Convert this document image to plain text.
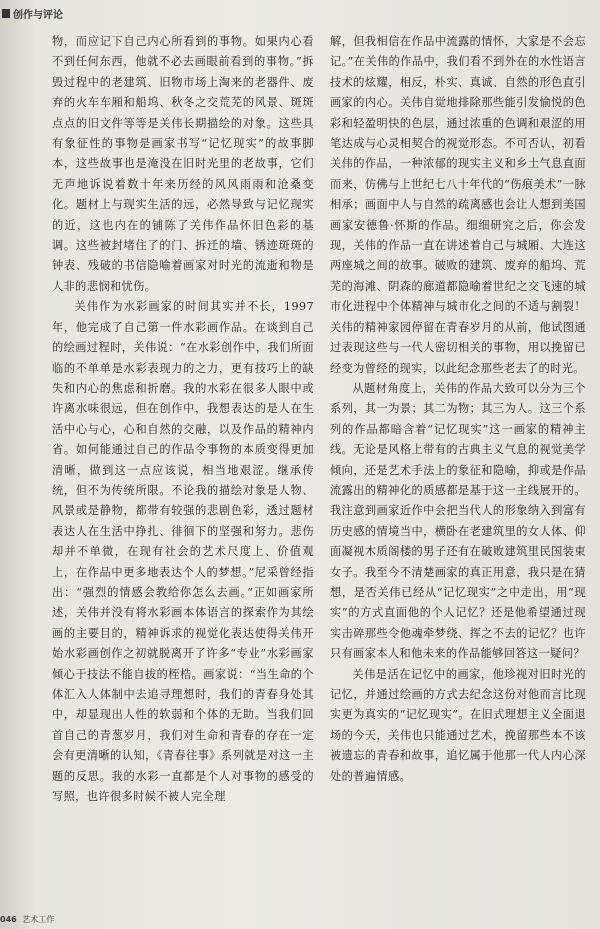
创作与评论

物，而应记下自己内心所看到的事物。如果内心看不到任何东西，他就不必去画眼前看到的事物。”拆毁过程中的老建筑、旧物市场上淘来的老器件、废弃的火车车厢和船坞、秋冬之交荒芜的风景、斑斑点点的旧文件等等是关伟长期描绘的对象。这些具有象征性的事物是画家书写“记忆现实”的故事脚本，这些故事也是淹没在旧时光里的老故事，它们无声地诉说着数十年来历经的风风雨雨和沧桑变化。题材上与现实生活的远，必然导致与记忆现实的近，这也内在的铺陈了关伟作品怀旧色彩的基调。这些被封堵住了的门、拆迁的墙、锈迹斑斑的钟表、残破的书信隐喻着画家对时光的流逝和物是人非的悲悯和忧伤。

关伟作为水彩画家的时间其实并不长，1997年，他完成了自己第一件水彩画作品。在谈到自己的绘画过程时，关伟说：“在水彩创作中，我们所面临的不单单是水彩表现力的之力，更有技巧上的缺失和内心的焦虑和折磨。我的水彩在很多人眼中或许离水味很远，但在创作中，我想表达的是人在生活中心与心，心和自然的交融，以及作品的精神内省。如何能通过自己的作品令事物的本质变得更加清晰，做到这一点应该说，相当地艰涩。继承传统，但不为传统所限。不论我的描绘对象是人物、风景或是静物，都带有较强的悲剧色彩，透过题材表达人在生活中挣扎、徘徊下的坚强和努力。悲伤却并不单微，在现有社会的艺术尺度上、价值观上，在作品中更多地表达个人的梦想。”尼采曾经指出：“强烈的情感会教给你怎么去画。”正如画家所述，关伟并没有将水彩画本体语言的探索作为其绘画的主要目的，精神诉求的视觉化表达使得关伟开始水彩画创作之初就脱离开了许多“专业”水彩画家倾心于技法不能自拔的桎梏。画家说：“当生命的个体汇入人体制中去追寻理想时，我们的青春身处其中，却显现出人性的软弱和个体的无助。当我们回首自己的青葱岁月，我们对生命和青春的存在一定会有更清晰的认知，《青春往事》系列就是对这一主题的反思。我的水彩一直都是个人对事物的感受的写照，也许很多时候不被人完全理

解，但我相信在作品中流露的情怀，大家是不会忘记。”在关伟的作品中，我们看不到外在的水性语言技术的炫耀，相反，朴实、真诚、自然的形色直引画家的内心。关伟自觉地排除那些能引发愉悦的色彩和轻盈明快的色层，通过浓重的色调和艰涩的用笔达成与心灵相契合的视觉形态。不可否认，初看关伟的作品，一种浓郁的现实主义和乡土气息直面而来，仿佛与上世纪七八十年代的“伤痕美术”一脉相承；画面中人与自然的疏离感也会让人想到美国画家安德鲁·怀斯的作品。细细研究之后，你会发现，关伟的作品一直在讲述着自己与城厢、大连这两座城之间的故事。破败的建筑、废弃的船坞、荒芜的海滩、阴森的廊道都隐喻着世纪之交飞速的城市化进程中个体精神与城市化之间的不适与割裂！关伟的精神家园停留在青春岁月的从前，他试图通过表现这些与一代人密切相关的事物，用以挽留已经变为曾经的现实，以此纪念那些老去了的时光。

从题材角度上，关伟的作品大致可以分为三个系列，其一为景；其二为物；其三为人。这三个系列的作品都暗含着“记忆现实”这一画家的精神主线。无论是风格上带有的古典主义气息的视觉美学倾向，还是艺术手法上的象征和隐喻，抑或是作品流露出的精神化的质感都是基于这一主线展开的。我注意到画家近作中会把当代人的形象纳入到富有历史感的情境当中，横卧在老建筑里的女人体、仰面凝视木质阁楼的男子还有在破败建筑里民国装束女子。我至今不清楚画家的真正用意，我只是在猜想，是否关伟已经从“记忆现实”之中走出，用“现实”的方式直面他的个人记忆？还是他希望通过现实击碎那些令他魂牵梦绕、挥之不去的记忆？也许只有画家本人和他未来的作品能够回答这一疑问？

关伟是活在记忆中的画家，他珍视对旧时光的记忆，并通过绘画的方式去纪念这份对他而言比现实更为真实的“记忆现实”。在旧式理想主义全面退场的今天，关伟也只能通过艺术，挽留那些本不该被遗忘的青春和故事，追忆属于他那一代人内心深处的普遍情感。

046 艺术工作
